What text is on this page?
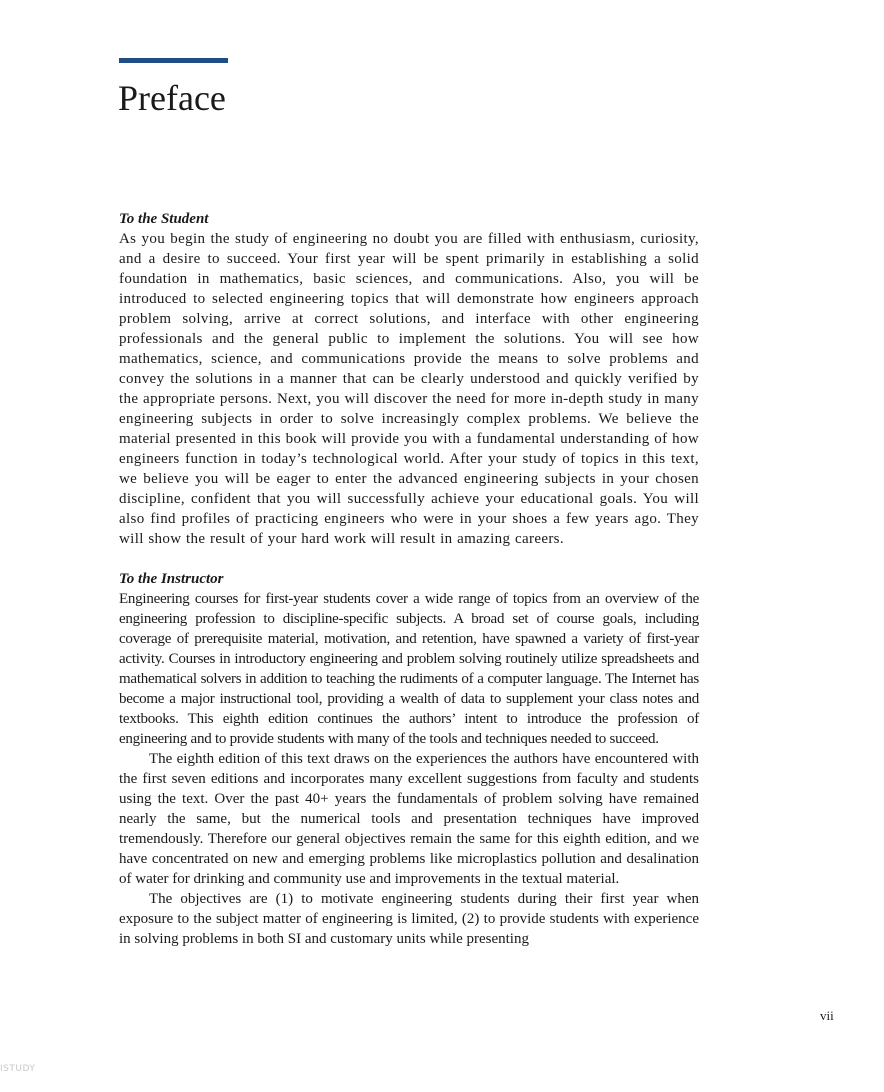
Preface
To the Student

As you begin the study of engineering no doubt you are filled with enthusiasm, curiosity, and a desire to succeed. Your first year will be spent primarily in establishing a solid foundation in mathematics, basic sciences, and communications. Also, you will be introduced to selected engineering topics that will demonstrate how engineers approach problem solving, arrive at correct solutions, and interface with other engineering professionals and the general public to implement the solutions. You will see how mathematics, science, and communications provide the means to solve problems and convey the solutions in a manner that can be clearly understood and quickly verified by the appropriate persons. Next, you will discover the need for more in-depth study in many engineering subjects in order to solve increasingly complex problems. We believe the material presented in this book will provide you with a fundamental understanding of how engineers function in today’s technological world. After your study of topics in this text, we believe you will be eager to enter the advanced engineering subjects in your chosen discipline, confident that you will successfully achieve your educational goals. You will also find profiles of practicing engineers who were in your shoes a few years ago. They will show the result of your hard work will result in amazing careers.

To the Instructor

Engineering courses for first-year students cover a wide range of topics from an overview of the engineering profession to discipline-specific subjects. A broad set of course goals, including coverage of prerequisite material, motivation, and retention, have spawned a variety of first-year activity. Courses in introductory engineering and problem solving routinely utilize spreadsheets and mathematical solvers in addition to teaching the rudiments of a computer language. The Internet has become a major instructional tool, providing a wealth of data to supplement your class notes and textbooks. This eighth edition continues the authors’ intent to introduce the profession of engineering and to provide students with many of the tools and techniques needed to succeed.

The eighth edition of this text draws on the experiences the authors have encountered with the first seven editions and incorporates many excellent suggestions from faculty and students using the text. Over the past 40+ years the fundamentals of problem solving have remained nearly the same, but the numerical tools and presentation techniques have improved tremendously. Therefore our general objectives remain the same for this eighth edition, and we have concentrated on new and emerging problems like microplastics pollution and desalination of water for drinking and community use and improvements in the textual material.

The objectives are (1) to motivate engineering students during their first year when exposure to the subject matter of engineering is limited, (2) to provide students with experience in solving problems in both SI and customary units while presenting

vii
ISTUDY
